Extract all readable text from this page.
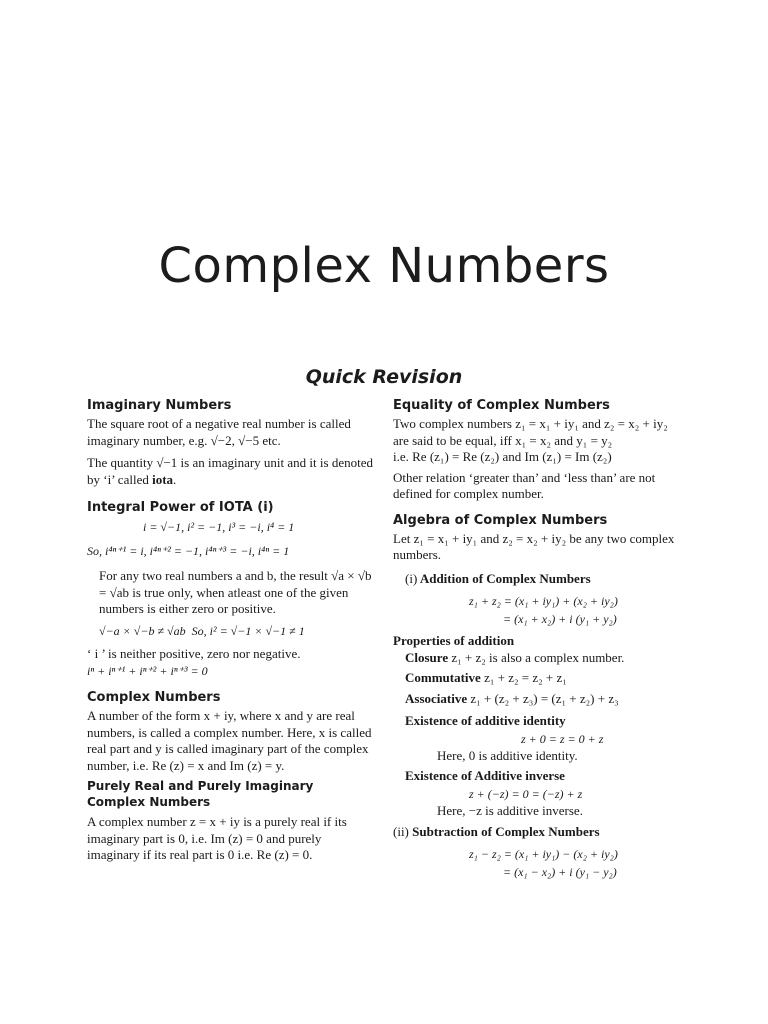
Complex Numbers
Quick Revision
Imaginary Numbers

The square root of a negative real number is called imaginary number, e.g. √−2, √−5 etc.

The quantity √−1 is an imaginary unit and it is denoted by ‘i’ called iota.

Integral Power of IOTA (i)

i = √−1, i² = −1, i³ = −i, i⁴ = 1

So, i⁴ⁿ⁺¹ = i, i⁴ⁿ⁺² = −1, i⁴ⁿ⁺³ = −i, i⁴ⁿ = 1

For any two real numbers a and b, the result √a × √b = √ab is true only, when atleast one of the given numbers is either zero or positive.

√−a × √−b ≠ √ab  So, i² = √−1 × √−1 ≠ 1

‘ i ’ is neither positive, zero nor negative.

iⁿ + iⁿ⁺¹ + iⁿ⁺² + iⁿ⁺³ = 0

Complex Numbers

A number of the form x + iy, where x and y are real numbers, is called a complex number. Here, x is called real part and y is called imaginary part of the complex number, i.e. Re (z) = x and Im (z) = y.

Purely Real and Purely Imaginary Complex Numbers

A complex number z = x + iy is a purely real if its imaginary part is 0, i.e. Im (z) = 0 and purely imaginary if its real part is 0 i.e. Re (z) = 0.

Equality of Complex Numbers

Two complex numbers z₁ = x₁ + iy₁ and z₂ = x₂ + iy₂ are said to be equal, iff x₁ = x₂ and y₁ = y₂

i.e. Re (z₁) = Re (z₂) and Im (z₁) = Im (z₂)

Other relation ‘greater than’ and ‘less than’ are not defined for complex number.

Algebra of Complex Numbers

Let z₁ = x₁ + iy₁ and z₂ = x₂ + iy₂ be any two complex numbers.

(i) Addition of Complex Numbers

z₁ + z₂ = (x₁ + iy₁) + (x₂ + iy₂)

= (x₁ + x₂) + i (y₁ + y₂)

Properties of addition

Closure z₁ + z₂ is also a complex number.

Commutative z₁ + z₂ = z₂ + z₁

Associative z₁ + (z₂ + z₃) = (z₁ + z₂) + z₃

Existence of additive identity

z + 0 = z = 0 + z

Here, 0 is additive identity.

Existence of Additive inverse

z + (−z) = 0 = (−z) + z

Here, −z is additive inverse.

(ii) Subtraction of Complex Numbers

z₁ − z₂ = (x₁ + iy₁) − (x₂ + iy₂)

= (x₁ − x₂) + i (y₁ − y₂)
